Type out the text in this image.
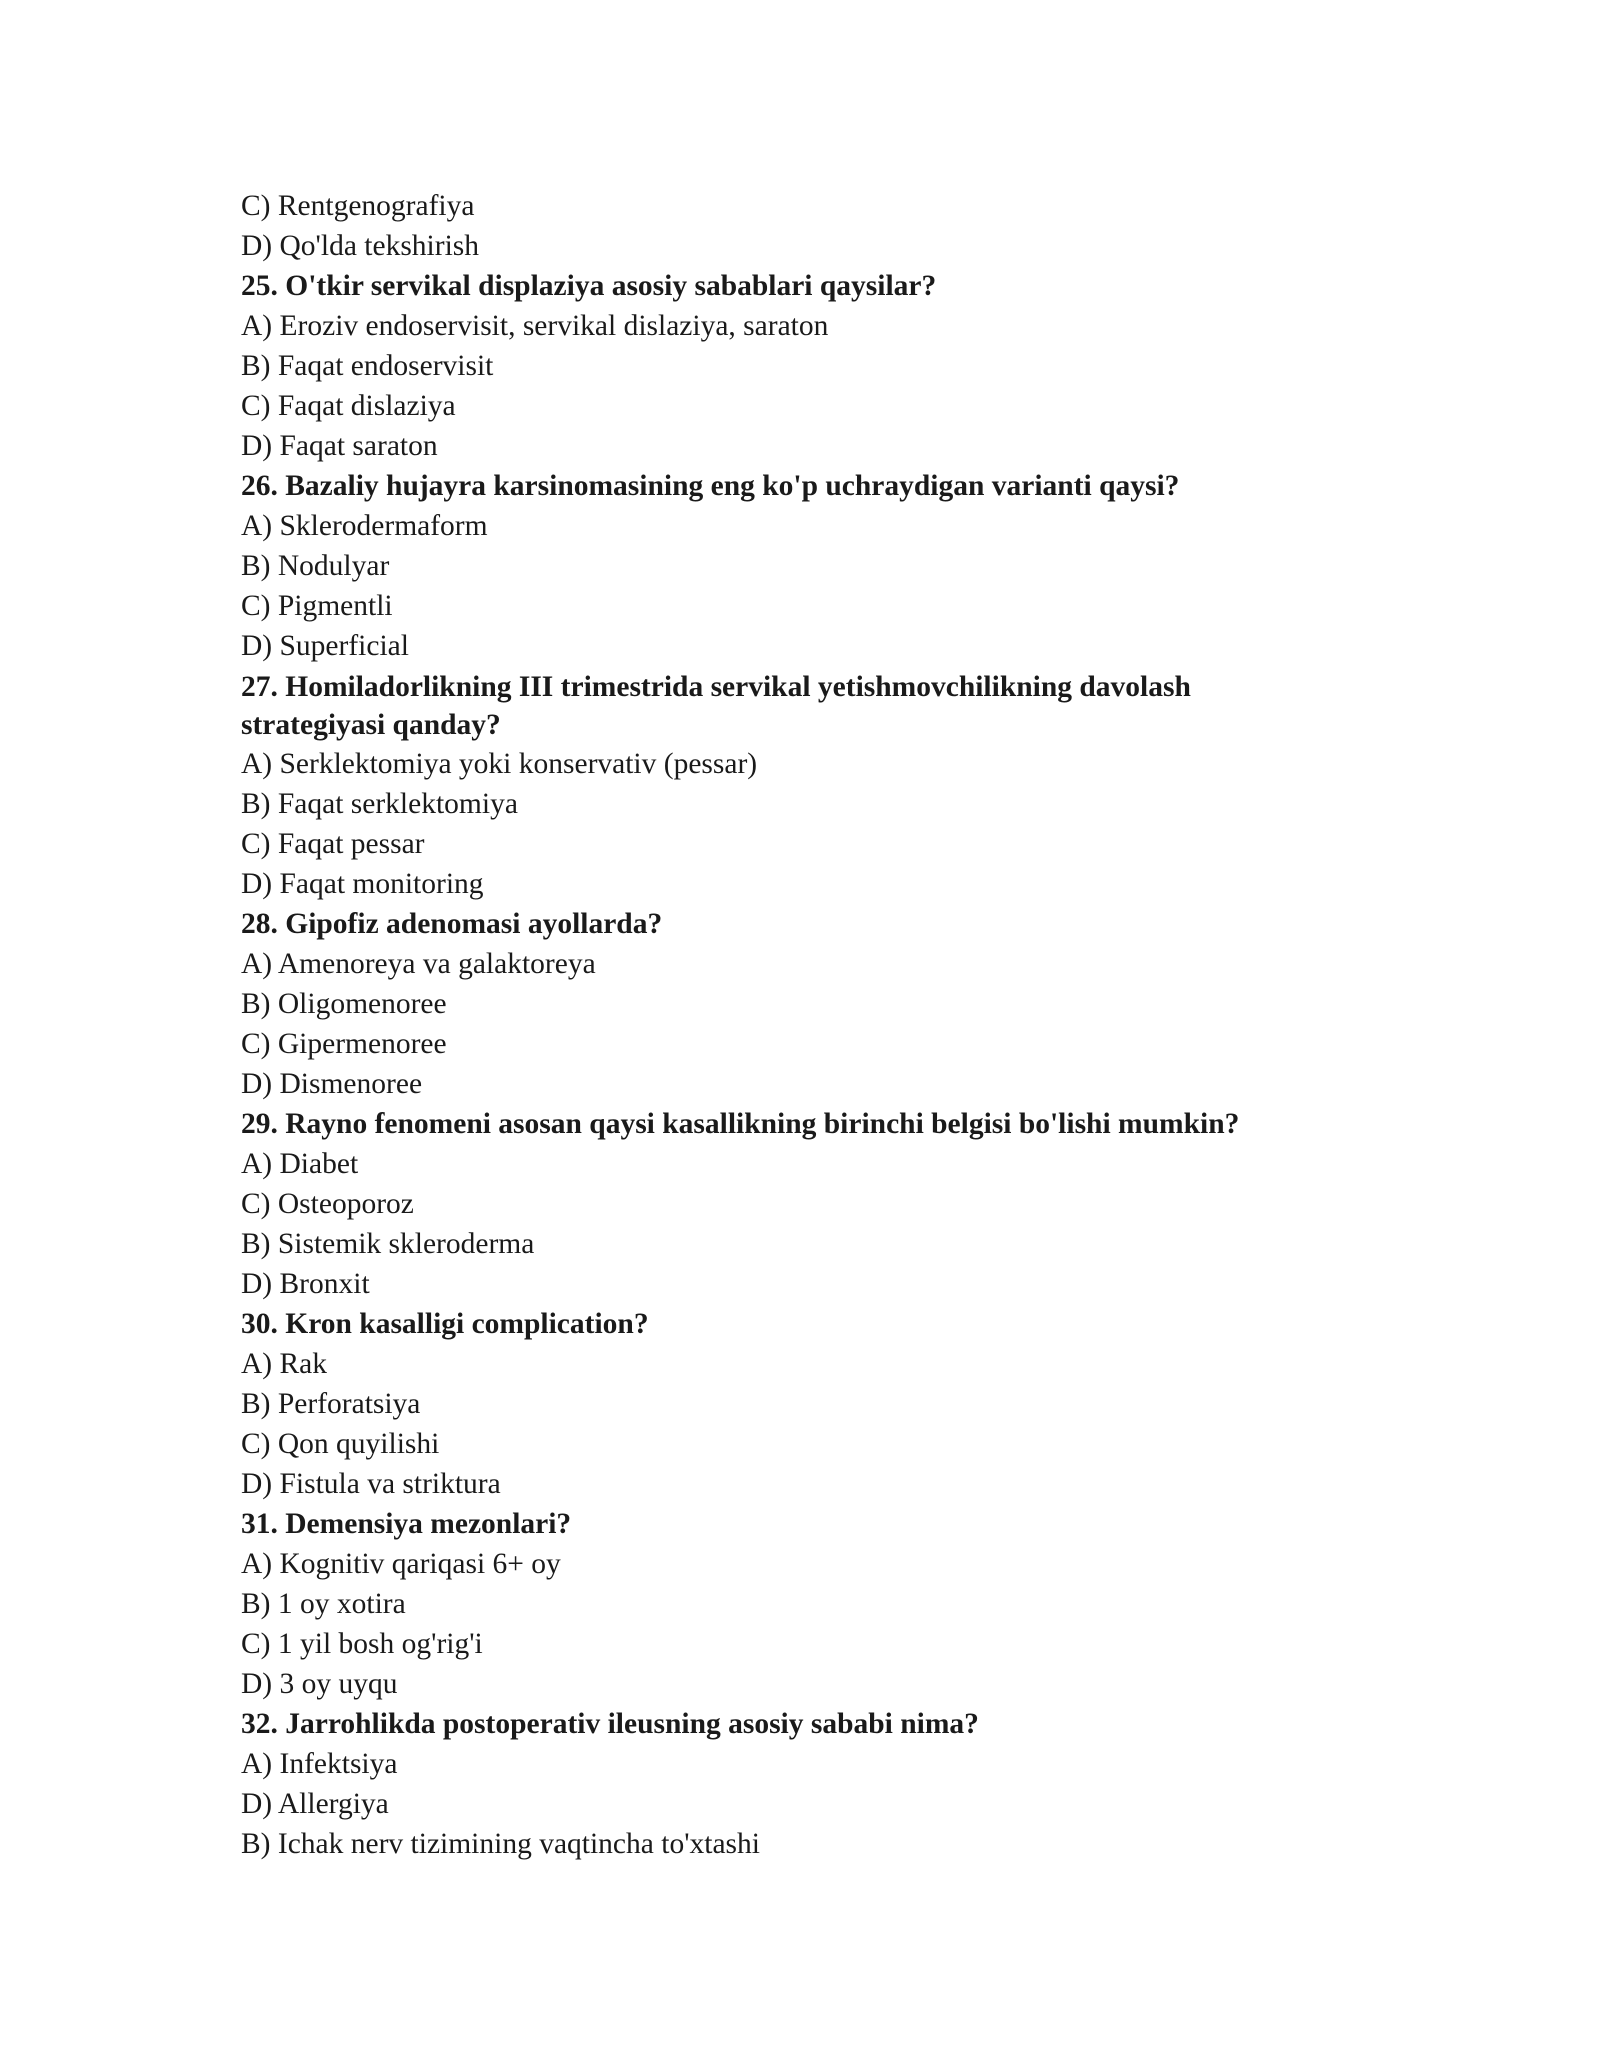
C) Rentgenografiya
D) Qo'lda tekshirish
25. O'tkir servikal displaziya asosiy sabablari qaysilar?
A) Eroziv endoservisit, servikal dislaziya, saraton
B) Faqat endoservisit
C) Faqat dislaziya
D) Faqat saraton
26. Bazaliy hujayra karsinomasining eng ko'p uchraydigan varianti qaysi?
A) Sklerodermaform
B) Nodulyar
C) Pigmentli
D) Superficial
27. Homiladorlikning III trimestrida servikal yetishmovchilikning davolash strategiyasi qanday?
A) Serklektomiya yoki konservativ (pessar)
B) Faqat serklektomiya
C) Faqat pessar
D) Faqat monitoring
28. Gipofiz adenomasi ayollarda?
A) Amenoreya va galaktoreya
B) Oligomenoree
C) Gipermenoree
D) Dismenoree
29. Rayno fenomeni asosan qaysi kasallikning birinchi belgisi bo'lishi mumkin?
A) Diabet
C) Osteoporoz
B) Sistemik skleroderma
D) Bronxit
30. Kron kasalligi complication?
A) Rak
B) Perforatsiya
C) Qon quyilishi
D) Fistula va striktura
31. Demensiya mezonlari?
A) Kognitiv qariqasi 6+ oy
B) 1 oy xotira
C) 1 yil bosh og'rig'i
D) 3 oy uyqu
32. Jarrohlikda postoperativ ileusning asosiy sababi nima?
A) Infektsiya
D) Allergiya
B) Ichak nerv tizimining vaqtincha to'xtashi
